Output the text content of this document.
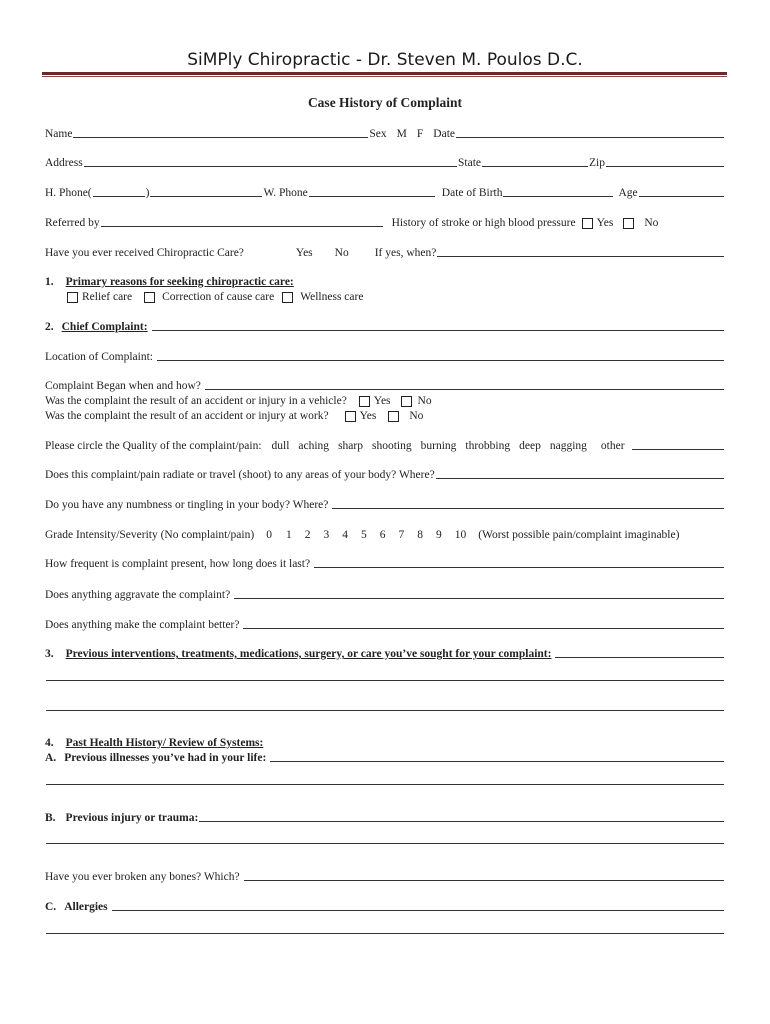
SiMPly Chiropractic - Dr. Steven M. Poulos D.C.
Case History of Complaint
Name	Sex M F Date
Address	State	Zip
H. Phone(	)	W. Phone	Date of Birth	Age
Referred by	History of stroke or high blood pressure Yes	No
Have you ever received Chiropractic Care?	Yes No If yes, when?
1. Primary reasons for seeking chiropractic care:
Relief care	Correction of cause care Wellness care
2. Chief Complaint:
Location of Complaint:
Complaint Began when and how?
Was the complaint the result of an accident or injury in a vehicle? Yes No
Was the complaint the result of an accident or injury at work?	Yes	No
Please circle the Quality of the complaint/pain: dull aching sharp shooting burning throbbing deep nagging other
Does this complaint/pain radiate or travel (shoot) to any areas of your body? Where?
Do you have any numbness or tingling in your body? Where?
Grade Intensity/Severity (No complaint/pain) 0 1 2 3 4 5 6 7 8 9 10 (Worst possible pain/complaint imaginable)
How frequent is complaint present, how long does it last?
Does anything aggravate the complaint?
Does anything make the complaint better?
3. Previous interventions, treatments, medications, surgery, or care you’ve sought for your complaint:
4. Past Health History/ Review of Systems:
A. Previous illnesses you’ve had in your life:
B. Previous injury or trauma:
Have you ever broken any bones? Which?
C. Allergies
